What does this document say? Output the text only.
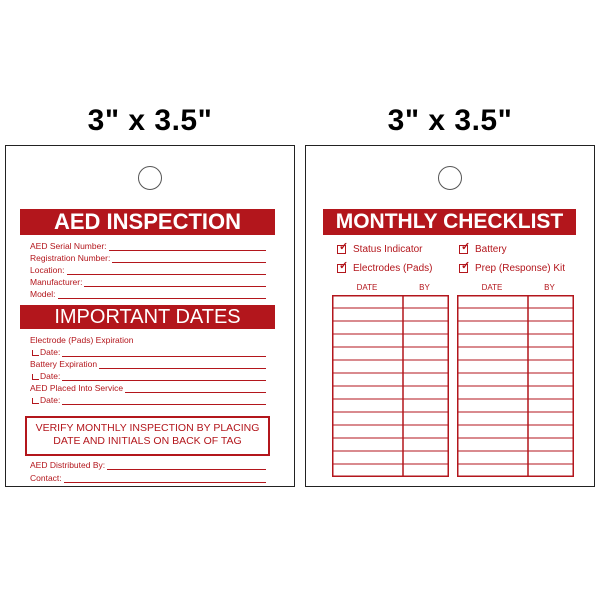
3" x 3.5"	3" x 3.5"
AED INSPECTION
AED Serial Number:
Registration Number:
Location:
Manufacturer:
Model:
IMPORTANT DATES
Electrode (Pads) Expiration
Date:
Battery Expiration
Date:
AED Placed Into Service
Date:
VERIFY MONTHLY INSPECTION BY PLACING
DATE AND INITIALS ON BACK OF TAG
AED Distributed By:
Contact:
MONTHLY CHECKLIST
✓ Status Indicator	✓ Battery
✓ Electrodes (Pads)	✓ Prep (Response) Kit
DATE	BY	DATE	BY
